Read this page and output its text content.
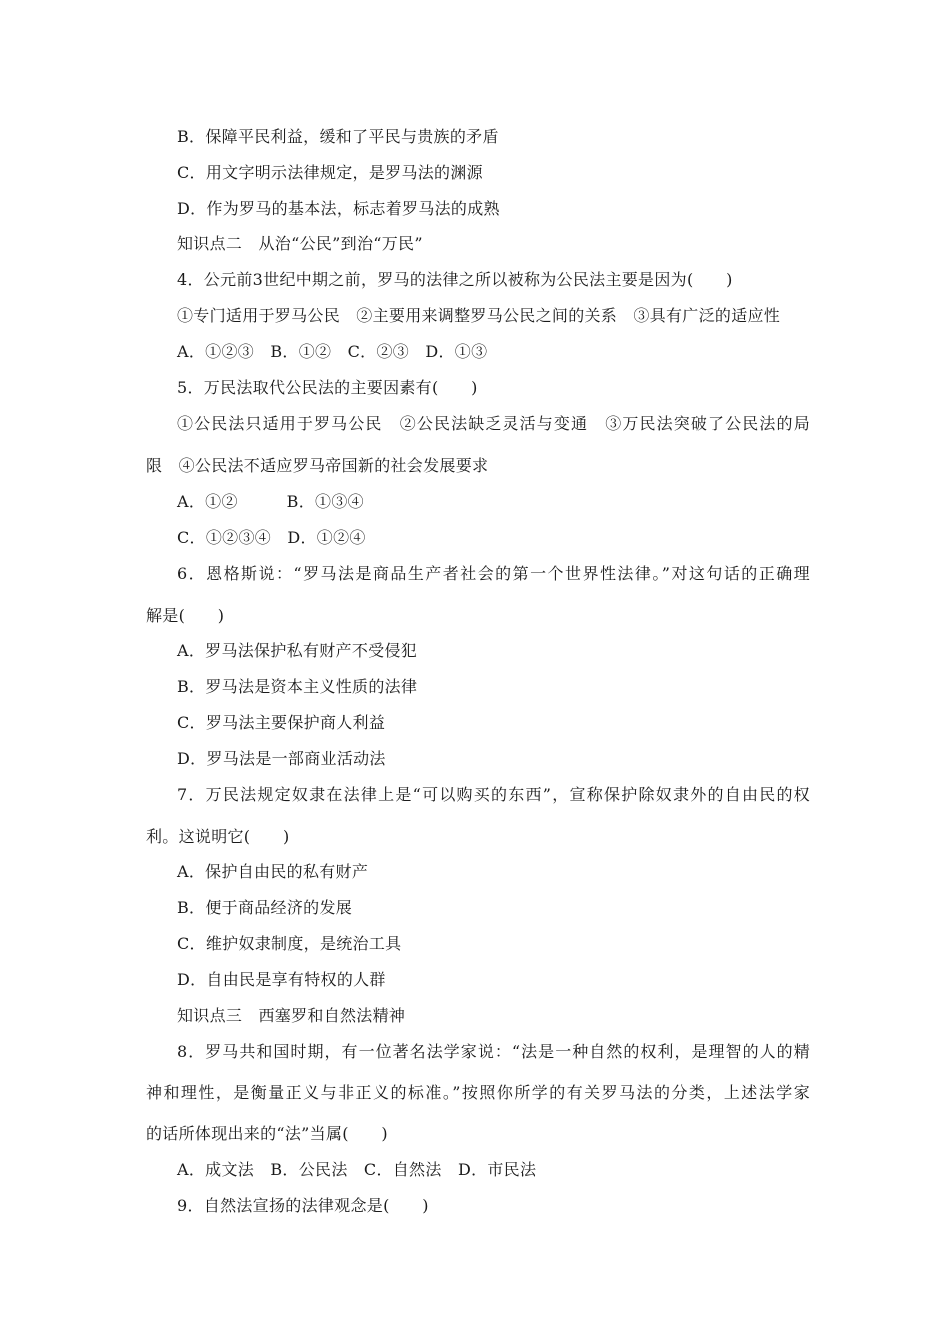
B．保障平民利益，缓和了平民与贵族的矛盾
C．用文字明示法律规定，是罗马法的渊源
D．作为罗马的基本法，标志着罗马法的成熟
知识点二　从治“公民”到治“万民”
4．公元前3世纪中期之前，罗马的法律之所以被称为公民法主要是因为(　　)
①专门适用于罗马公民　②主要用来调整罗马公民之间的关系　③具有广泛的适应性
A．①②③　B．①②　C．②③　D．①③
5．万民法取代公民法的主要因素有(　　)
①公民法只适用于罗马公民　②公民法缺乏灵活与变通　③万民法突破了公民法的局
限　④公民法不适应罗马帝国新的社会发展要求
A．①②　　　B．①③④
C．①②③④　D．①②④
6．恩格斯说：“罗马法是商品生产者社会的第一个世界性法律。”对这句话的正确理
解是(　　)
A．罗马法保护私有财产不受侵犯
B．罗马法是资本主义性质的法律
C．罗马法主要保护商人利益
D．罗马法是一部商业活动法
7．万民法规定奴隶在法律上是“可以购买的东西”，宣称保护除奴隶外的自由民的权
利。这说明它(　　)
A．保护自由民的私有财产
B．便于商品经济的发展
C．维护奴隶制度，是统治工具
D．自由民是享有特权的人群
知识点三　西塞罗和自然法精神
8．罗马共和国时期，有一位著名法学家说：“法是一种自然的权利，是理智的人的精
神和理性，是衡量正义与非正义的标准。”按照你所学的有关罗马法的分类，上述法学家
的话所体现出来的“法”当属(　　)
A．成文法　B．公民法　C．自然法　D．市民法
9．自然法宣扬的法律观念是(　　)
